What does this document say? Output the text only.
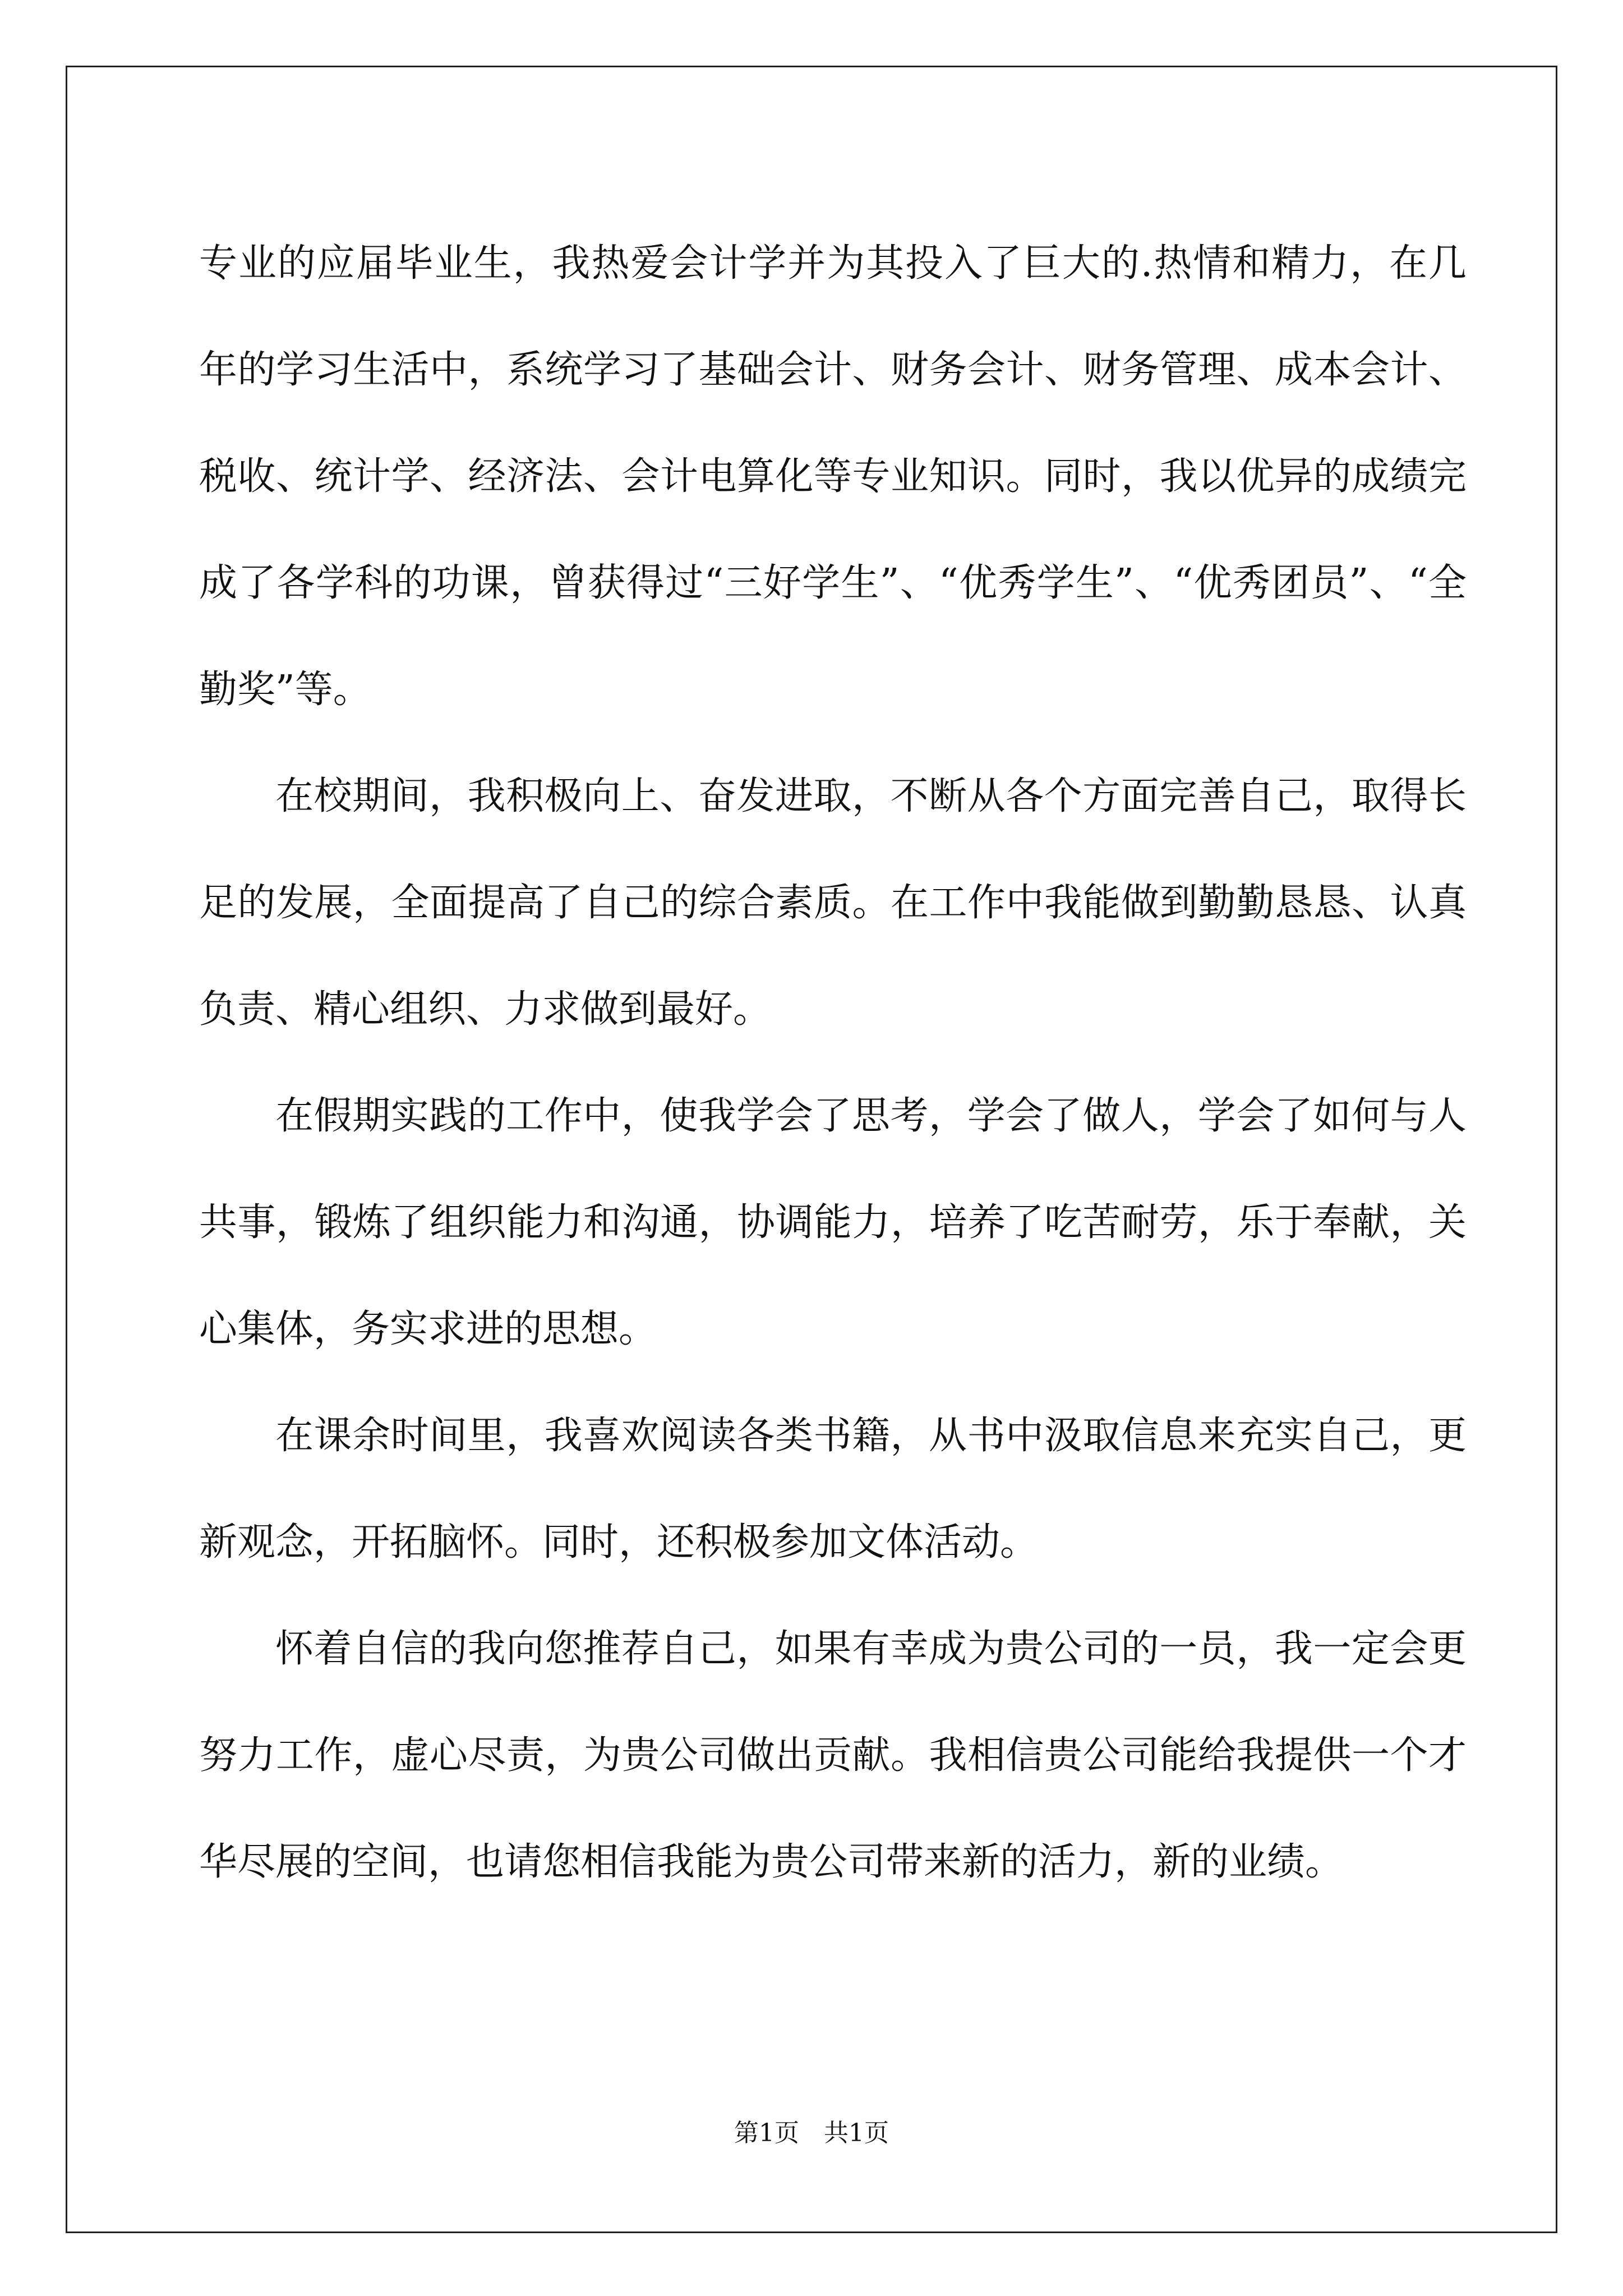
专业的应届毕业生，我热爱会计学并为其投入了巨大的.热情和精力，在几年的学习生活中，系统学习了基础会计、财务会计、财务管理、成本会计、税收、统计学、经济法、会计电算化等专业知识。同时，我以优异的成绩完成了各学科的功课，曾获得过“三好学生”、“优秀学生”、“优秀团员”、“全勤奖”等。

在校期间，我积极向上、奋发进取，不断从各个方面完善自己，取得长足的发展，全面提高了自己的综合素质。在工作中我能做到勤勤恳恳、认真负责、精心组织、力求做到最好。

在假期实践的工作中，使我学会了思考，学会了做人，学会了如何与人共事，锻炼了组织能力和沟通，协调能力，培养了吃苦耐劳，乐于奉献，关心集体，务实求进的思想。

在课余时间里，我喜欢阅读各类书籍，从书中汲取信息来充实自己，更新观念，开拓脑怀。同时，还积极参加文体活动。

怀着自信的我向您推荐自己，如果有幸成为贵公司的一员，我一定会更努力工作，虚心尽责，为贵公司做出贡献。我相信贵公司能给我提供一个才华尽展的空间，也请您相信我能为贵公司带来新的活力，新的业绩。

第1页 共1页
